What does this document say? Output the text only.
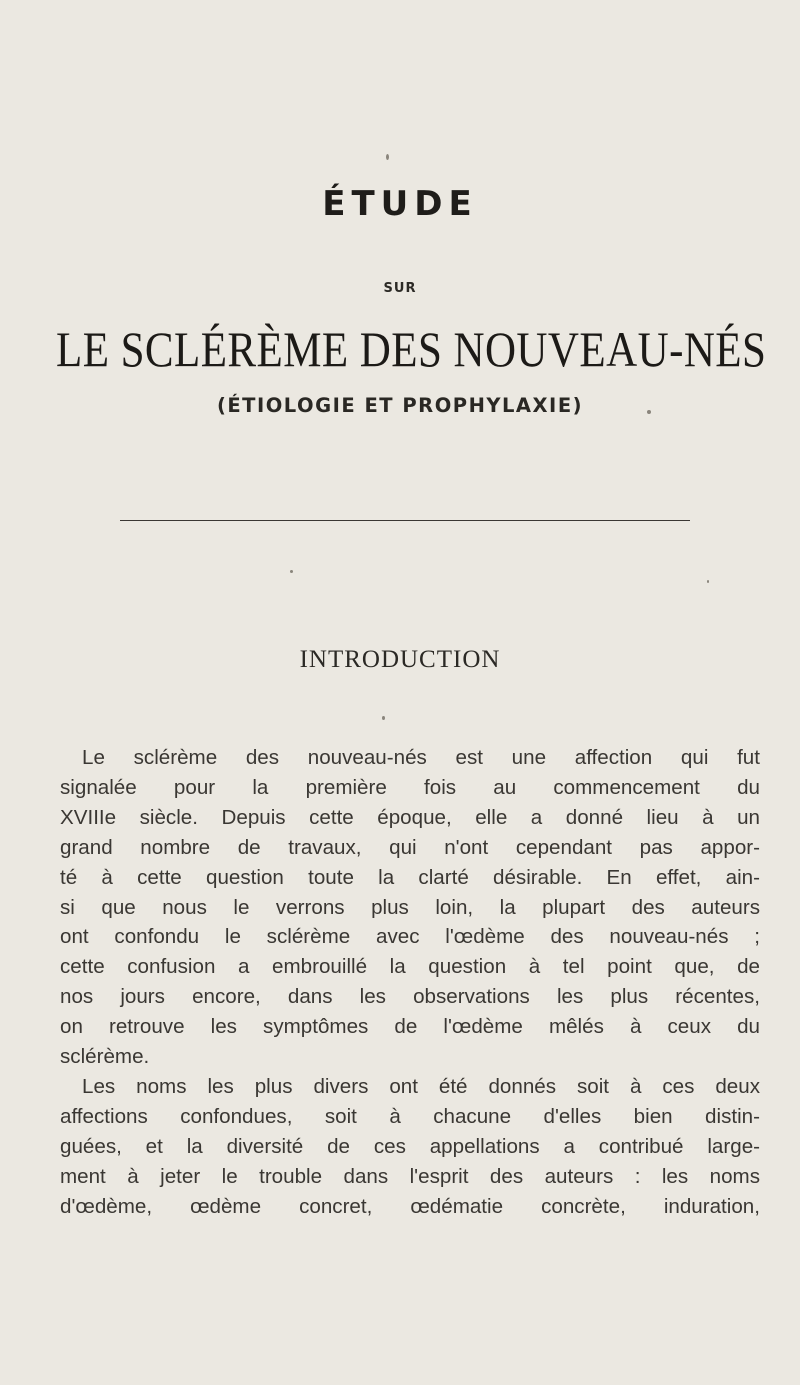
ÉTUDE
SUR
LE SCLÉRÈME DES NOUVEAU-NÉS
(ÉTIOLOGIE ET PROPHYLAXIE)
INTRODUCTION
Le sclérème des nouveau-nés est une affection qui fut
signalée pour la première fois au commencement du
XVIIIe siècle. Depuis cette époque, elle a donné lieu à un
grand nombre de travaux, qui n'ont cependant pas appor-
té à cette question toute la clarté désirable. En effet, ain-
si que nous le verrons plus loin, la plupart des auteurs
ont confondu le sclérème avec l'œdème des nouveau-nés ;
cette confusion a embrouillé la question à tel point que, de
nos jours encore, dans les observations les plus récentes,
on retrouve les symptômes de l'œdème mêlés à ceux du
sclérème.
Les noms les plus divers ont été donnés soit à ces deux
affections confondues, soit à chacune d'elles bien distin-
guées, et la diversité de ces appellations a contribué large-
ment à jeter le trouble dans l'esprit des auteurs : les noms
d'œdème, œdème concret, œdématie concrète, induration,
